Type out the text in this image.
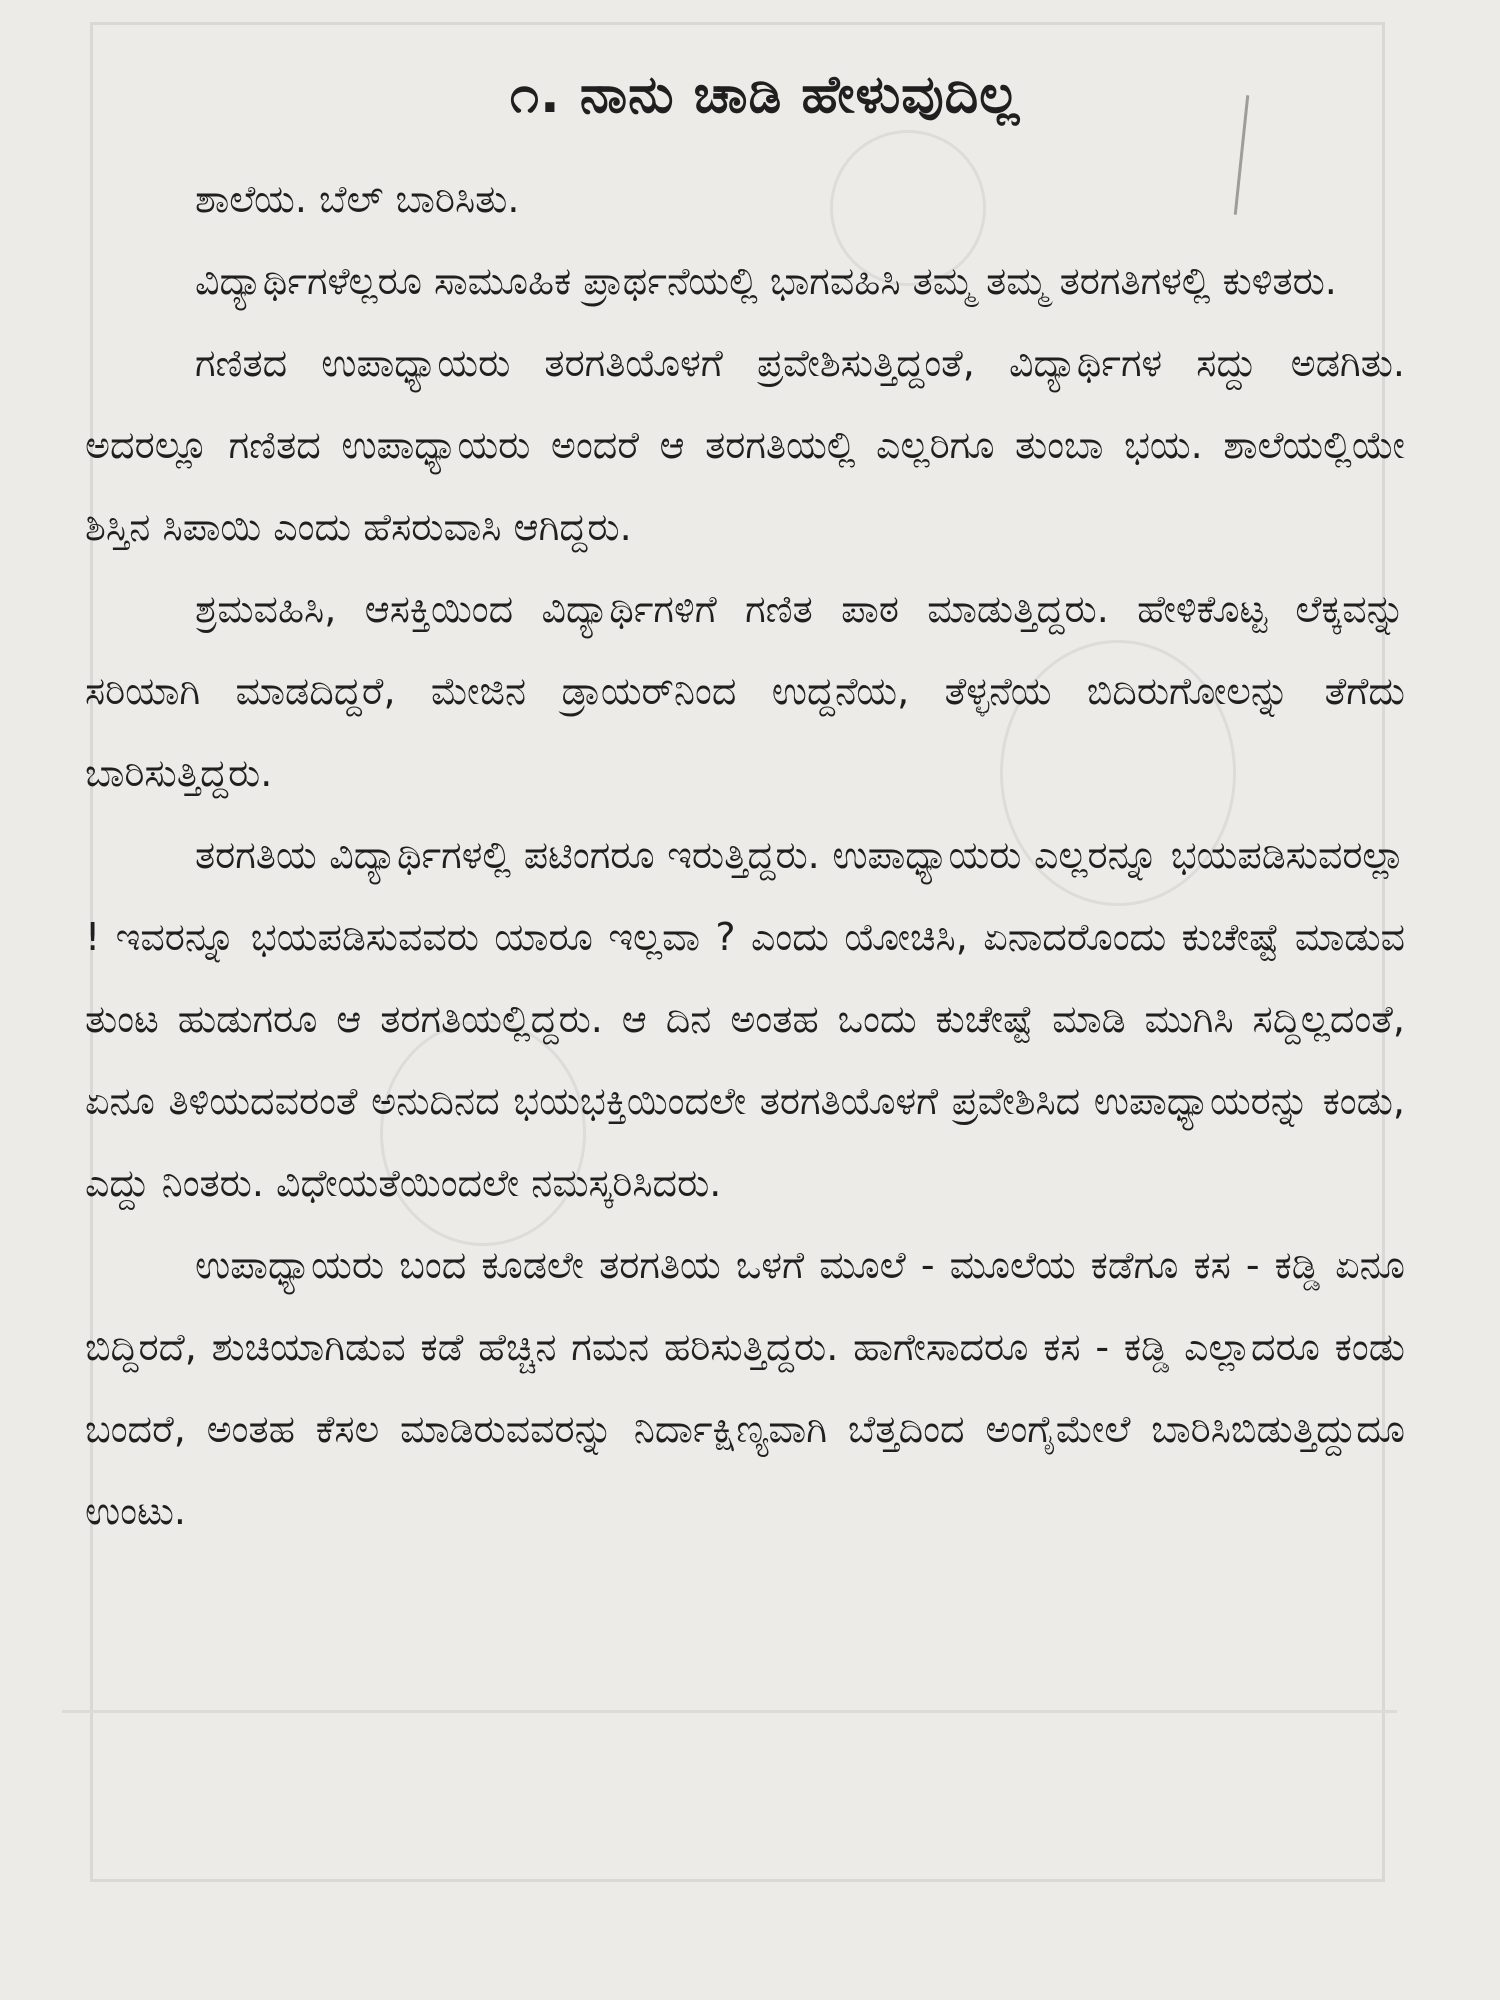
೧. ನಾನು ಚಾಡಿ ಹೇಳುವುದಿಲ್ಲ

ಶಾಲೆಯ. ಬೆಲ್ ಬಾರಿಸಿತು.

ವಿದ್ಯಾರ್ಥಿಗಳೆಲ್ಲರೂ ಸಾಮೂಹಿಕ ಪ್ರಾರ್ಥನೆಯಲ್ಲಿ ಭಾಗವಹಿಸಿ ತಮ್ಮ ತಮ್ಮ ತರಗತಿಗಳಲ್ಲಿ ಕುಳಿತರು.

ಗಣಿತದ ಉಪಾಧ್ಯಾಯರು ತರಗತಿಯೊಳಗೆ ಪ್ರವೇಶಿಸುತ್ತಿದ್ದಂತೆ, ವಿದ್ಯಾರ್ಥಿಗಳ ಸದ್ದು ಅಡಗಿತು. ಅದರಲ್ಲೂ ಗಣಿತದ ಉಪಾಧ್ಯಾಯರು ಅಂದರೆ ಆ ತರಗತಿಯಲ್ಲಿ ಎಲ್ಲರಿಗೂ ತುಂಬಾ ಭಯ. ಶಾಲೆಯಲ್ಲಿಯೇ ಶಿಸ್ತಿನ ಸಿಪಾಯಿ ಎಂದು ಹೆಸರುವಾಸಿ ಆಗಿದ್ದರು.

ಶ್ರಮವಹಿಸಿ, ಆಸಕ್ತಿಯಿಂದ ವಿದ್ಯಾರ್ಥಿಗಳಿಗೆ ಗಣಿತ ಪಾಠ ಮಾಡುತ್ತಿದ್ದರು. ಹೇಳಿಕೊಟ್ಟ ಲೆಕ್ಕವನ್ನು ಸರಿಯಾಗಿ ಮಾಡದಿದ್ದರೆ, ಮೇಜಿನ ಡ್ರಾಯರ್‌ನಿಂದ ಉದ್ದನೆಯ, ತೆಳ್ಳನೆಯ ಬಿದಿರುಗೋಲನ್ನು ತೆಗೆದು ಬಾರಿಸುತ್ತಿದ್ದರು.

ತರಗತಿಯ ವಿದ್ಯಾರ್ಥಿಗಳಲ್ಲಿ ಪಟಿಂಗರೂ ಇರುತ್ತಿದ್ದರು. ಉಪಾಧ್ಯಾಯರು ಎಲ್ಲರನ್ನೂ ಭಯಪಡಿಸುವರಲ್ಲಾ ! ಇವರನ್ನೂ ಭಯಪಡಿಸುವವರು ಯಾರೂ ಇಲ್ಲವಾ ? ಎಂದು ಯೋಚಿಸಿ, ಏನಾದರೊಂದು ಕುಚೇಷ್ಟೆ ಮಾಡುವ ತುಂಟ ಹುಡುಗರೂ ಆ ತರಗತಿಯಲ್ಲಿದ್ದರು. ಆ ದಿನ ಅಂತಹ ಒಂದು ಕುಚೇಷ್ಟೆ ಮಾಡಿ ಮುಗಿಸಿ ಸದ್ದಿಲ್ಲದಂತೆ, ಏನೂ ತಿಳಿಯದವರಂತೆ ಅನುದಿನದ ಭಯಭಕ್ತಿಯಿಂದಲೇ ತರಗತಿಯೊಳಗೆ ಪ್ರವೇಶಿಸಿದ ಉಪಾಧ್ಯಾಯರನ್ನು ಕಂಡು, ಎದ್ದು ನಿಂತರು. ವಿಧೇಯತೆಯಿಂದಲೇ ನಮಸ್ಕರಿಸಿದರು.

ಉಪಾಧ್ಯಾಯರು ಬಂದ ಕೂಡಲೇ ತರಗತಿಯ ಒಳಗೆ ಮೂಲೆ - ಮೂಲೆಯ ಕಡೆಗೂ ಕಸ - ಕಡ್ಡಿ ಏನೂ ಬಿದ್ದಿರದೆ, ಶುಚಿಯಾಗಿಡುವ ಕಡೆ ಹೆಚ್ಚಿನ ಗಮನ ಹರಿಸುತ್ತಿದ್ದರು. ಹಾಗೇಸಾದರೂ ಕಸ - ಕಡ್ಡಿ ಎಲ್ಲಾದರೂ ಕಂಡು ಬಂದರೆ, ಅಂತಹ ಕೆಸಲ ಮಾಡಿರುವವರನ್ನು ನಿರ್ದಾಕ್ಷಿಣ್ಯವಾಗಿ ಬೆತ್ತದಿಂದ ಅಂಗೈಮೇಲೆ ಬಾರಿಸಿಬಿಡುತ್ತಿದ್ದುದೂ ಉಂಟು.
